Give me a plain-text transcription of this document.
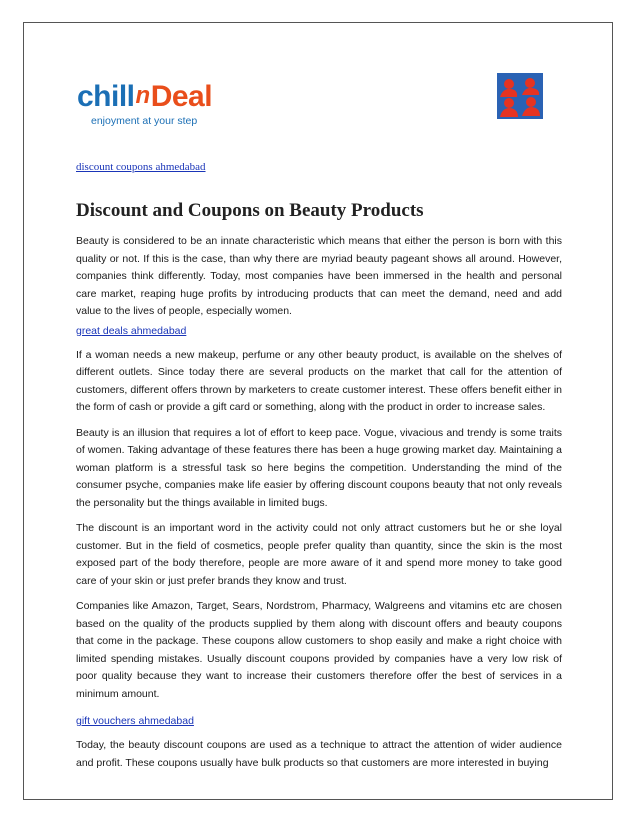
chillnDeal
enjoyment at your step
discount coupons ahmedabad
Discount and Coupons on Beauty Products

Beauty is considered to be an innate characteristic which means that either the person is born with this quality or not. If this is the case, than why there are myriad beauty pageant shows all around. However, companies think differently. Today, most companies have been immersed in the health and personal care market, reaping huge profits by introducing products that can meet the demand, need and add value to the lives of people, especially women.

great deals ahmedabad

If a woman needs a new makeup, perfume or any other beauty product, is available on the shelves of different outlets. Since today there are several products on the market that call for the attention of customers, different offers thrown by marketers to create customer interest. These offers benefit either in the form of cash or provide a gift card or something, along with the product in order to increase sales.

Beauty is an illusion that requires a lot of effort to keep pace. Vogue, vivacious and trendy is some traits of women. Taking advantage of these features there has been a huge growing market day. Maintaining a woman platform is a stressful task so here begins the competition. Understanding the mind of the consumer psyche, companies make life easier by offering discount coupons beauty that not only reveals the personality but the things available in limited bugs.

The discount is an important word in the activity could not only attract customers but he or she loyal customer. But in the field of cosmetics, people prefer quality than quantity, since the skin is the most exposed part of the body therefore, people are more aware of it and spend more money to take good care of your skin or just prefer brands they know and trust.

Companies like Amazon, Target, Sears, Nordstrom, Pharmacy, Walgreens and vitamins etc are chosen based on the quality of the products supplied by them along with discount offers and beauty coupons that come in the package. These coupons allow customers to shop easily and make a right choice with limited spending mistakes. Usually discount coupons provided by companies have a very low risk of poor quality because they want to increase their customers therefore offer the best of services in a minimum amount.

gift vouchers ahmedabad

Today, the beauty discount coupons are used as a technique to attract the attention of wider audience and profit. These coupons usually have bulk products so that customers are more interested in buying
